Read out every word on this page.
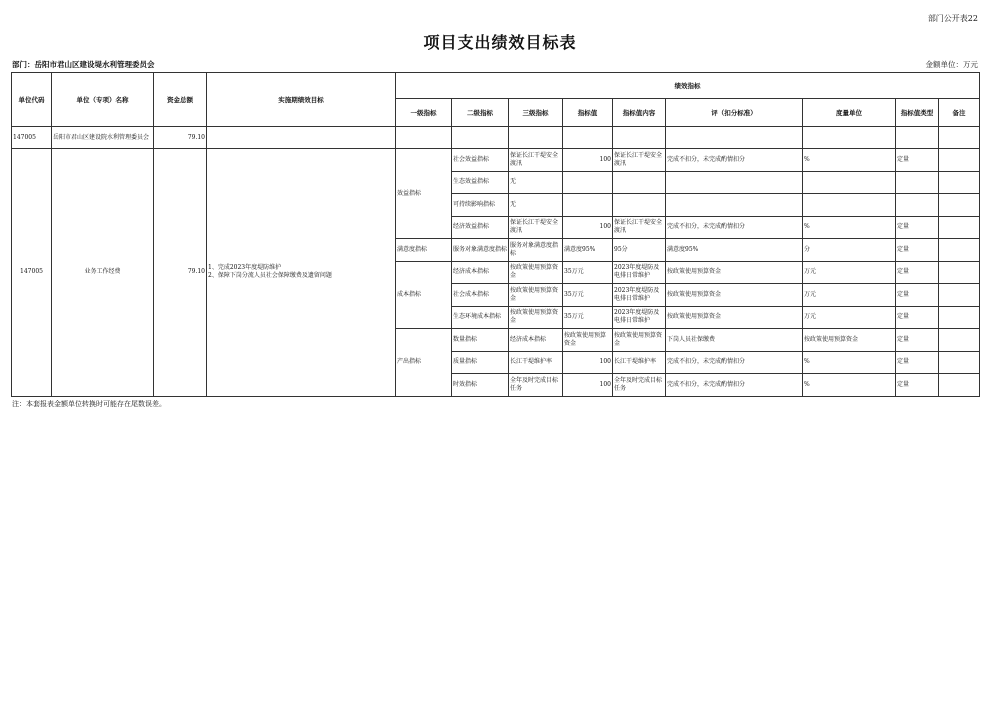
部门公开表22
项目支出绩效目标表
部门：岳阳市君山区建设堤水利管理委员会	金额单位：万元
单位代码	单位（专项）名称	资金总额	实施期绩效目标	绩效指标								
				一级指标	二级指标	三级指标	指标值	指标值内容	评（扣分标准）	度量单位	指标值类型	备注
147005	岳阳市君山区建设院水利管理委员会	79.10										
147005	业务工作经费	79.10	1、完成2023年度堤防维护
2、保障下岗分流人员社会保障缴费及遗留问题	效益指标	社会效益指标	保证长江干堤安全渡汛	100	保证长江干堤安全渡汛	完成不扣分，未完成酌情扣分	%	定量	
					生态效益指标	无						
					可持续影响指标	无						
					经济效益指标	保证长江干堤安全渡汛	100	保证长江干堤安全渡汛	完成不扣分，未完成酌情扣分	%	定量	
				满意度指标	服务对象满意度指标	服务对象满意度指标	满意度95%	95分	满意度95%	分	定量	
				成本指标	经济成本指标	按政策使用预算资金	35万元	2023年度堤防及电排日常维护	按政策使用预算资金	万元	定量	
					社会成本指标	按政策使用预算资金	35万元	2023年度堤防及电排日常维护	按政策使用预算资金	万元	定量	
					生态环境成本指标	按政策使用预算资金	35万元	2023年度堤防及电排日常维护	按政策使用预算资金	万元	定量	
				产出指标	数量指标	经济成本指标	按政策使用预算资金	按政策使用预算资金	下岗人员社保缴费	按政策使用预算资金	定量	
					质量指标	长江干堤维护率	100	长江干堤维护率	完成不扣分，未完成酌情扣分	%	定量	
					时效指标	全年及时完成目标任务	100	全年及时完成目标任务	完成不扣分，未完成酌情扣分	%	定量	
注：本套报表金额单位转换时可能存在尾数误差。
